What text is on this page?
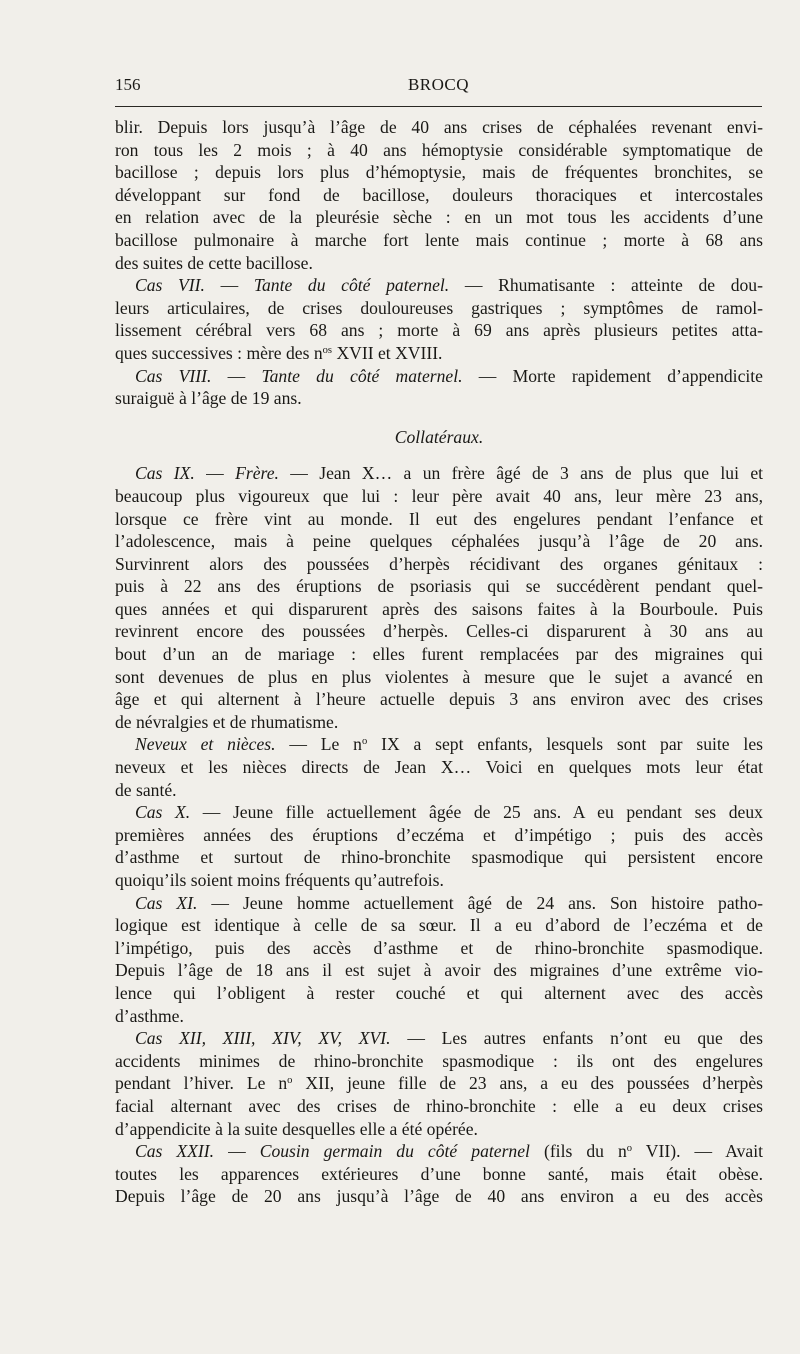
156	BROCQ
blir. Depuis lors jusqu’à l’âge de 40 ans crises de céphalées revenant envi-
ron tous les 2 mois ; à 40 ans hémoptysie considérable symptomatique de
bacillose ; depuis lors plus d’hémoptysie, mais de fréquentes bronchites, se
développant sur fond de bacillose, douleurs thoraciques et intercostales
en relation avec de la pleurésie sèche : en un mot tous les accidents d’une
bacillose pulmonaire à marche fort lente mais continue ; morte à 68 ans
des suites de cette bacillose.
Cas VII. — Tante du côté paternel. — Rhumatisante : atteinte de dou-
leurs articulaires, de crises douloureuses gastriques ; symptômes de ramol-
lissement cérébral vers 68 ans ; morte à 69 ans après plusieurs petites atta-
ques successives : mère des $n^{os}$ XVII et XVIII.
Cas VIII. — Tante du côté maternel. — Morte rapidement d’appendicite
suraiguë à l’âge de 19 ans.
Collatéraux.
Cas IX. — Frère. — Jean X… a un frère âgé de 3 ans de plus que lui et
beaucoup plus vigoureux que lui : leur père avait 40 ans, leur mère 23 ans,
lorsque ce frère vint au monde. Il eut des engelures pendant l’enfance et
l’adolescence, mais à peine quelques céphalées jusqu’à l’âge de 20 ans.
Survinrent alors des poussées d’herpès récidivant des organes génitaux :
puis à 22 ans des éruptions de psoriasis qui se succédèrent pendant quel-
ques années et qui disparurent après des saisons faites à la Bourboule. Puis
revinrent encore des poussées d’herpès. Celles-ci disparurent à 30 ans au
bout d’un an de mariage : elles furent remplacées par des migraines qui
sont devenues de plus en plus violentes à mesure que le sujet a avancé en
âge et qui alternent à l’heure actuelle depuis 3 ans environ avec des crises
de névralgies et de rhumatisme.
Neveux et nièces. — Le $n^o$ IX a sept enfants, lesquels sont par suite les
neveux et les nièces directs de Jean X… Voici en quelques mots leur état
de santé.
Cas X. — Jeune fille actuellement âgée de 25 ans. A eu pendant ses deux
premières années des éruptions d’eczéma et d’impétigo ; puis des accès
d’asthme et surtout de rhino-bronchite spasmodique qui persistent encore
quoiqu’ils soient moins fréquents qu’autrefois.
Cas XI. — Jeune homme actuellement âgé de 24 ans. Son histoire patho-
logique est identique à celle de sa sœur. Il a eu d’abord de l’eczéma et de
l’impétigo, puis des accès d’asthme et de rhino-bronchite spasmodique.
Depuis l’âge de 18 ans il est sujet à avoir des migraines d’une extrême vio-
lence qui l’obligent à rester couché et qui alternent avec des accès
d’asthme.
Cas XII, XIII, XIV, XV, XVI. — Les autres enfants n’ont eu que des
accidents minimes de rhino-bronchite spasmodique : ils ont des engelures
pendant l’hiver. Le $n^o$ XII, jeune fille de 23 ans, a eu des poussées d’herpès
facial alternant avec des crises de rhino-bronchite : elle a eu deux crises
d’appendicite à la suite desquelles elle a été opérée.
Cas XXII. — Cousin germain du côté paternel (fils du $n^o$ VII). — Avait
toutes les apparences extérieures d’une bonne santé, mais était obèse.
Depuis l’âge de 20 ans jusqu’à l’âge de 40 ans environ a eu des accès
